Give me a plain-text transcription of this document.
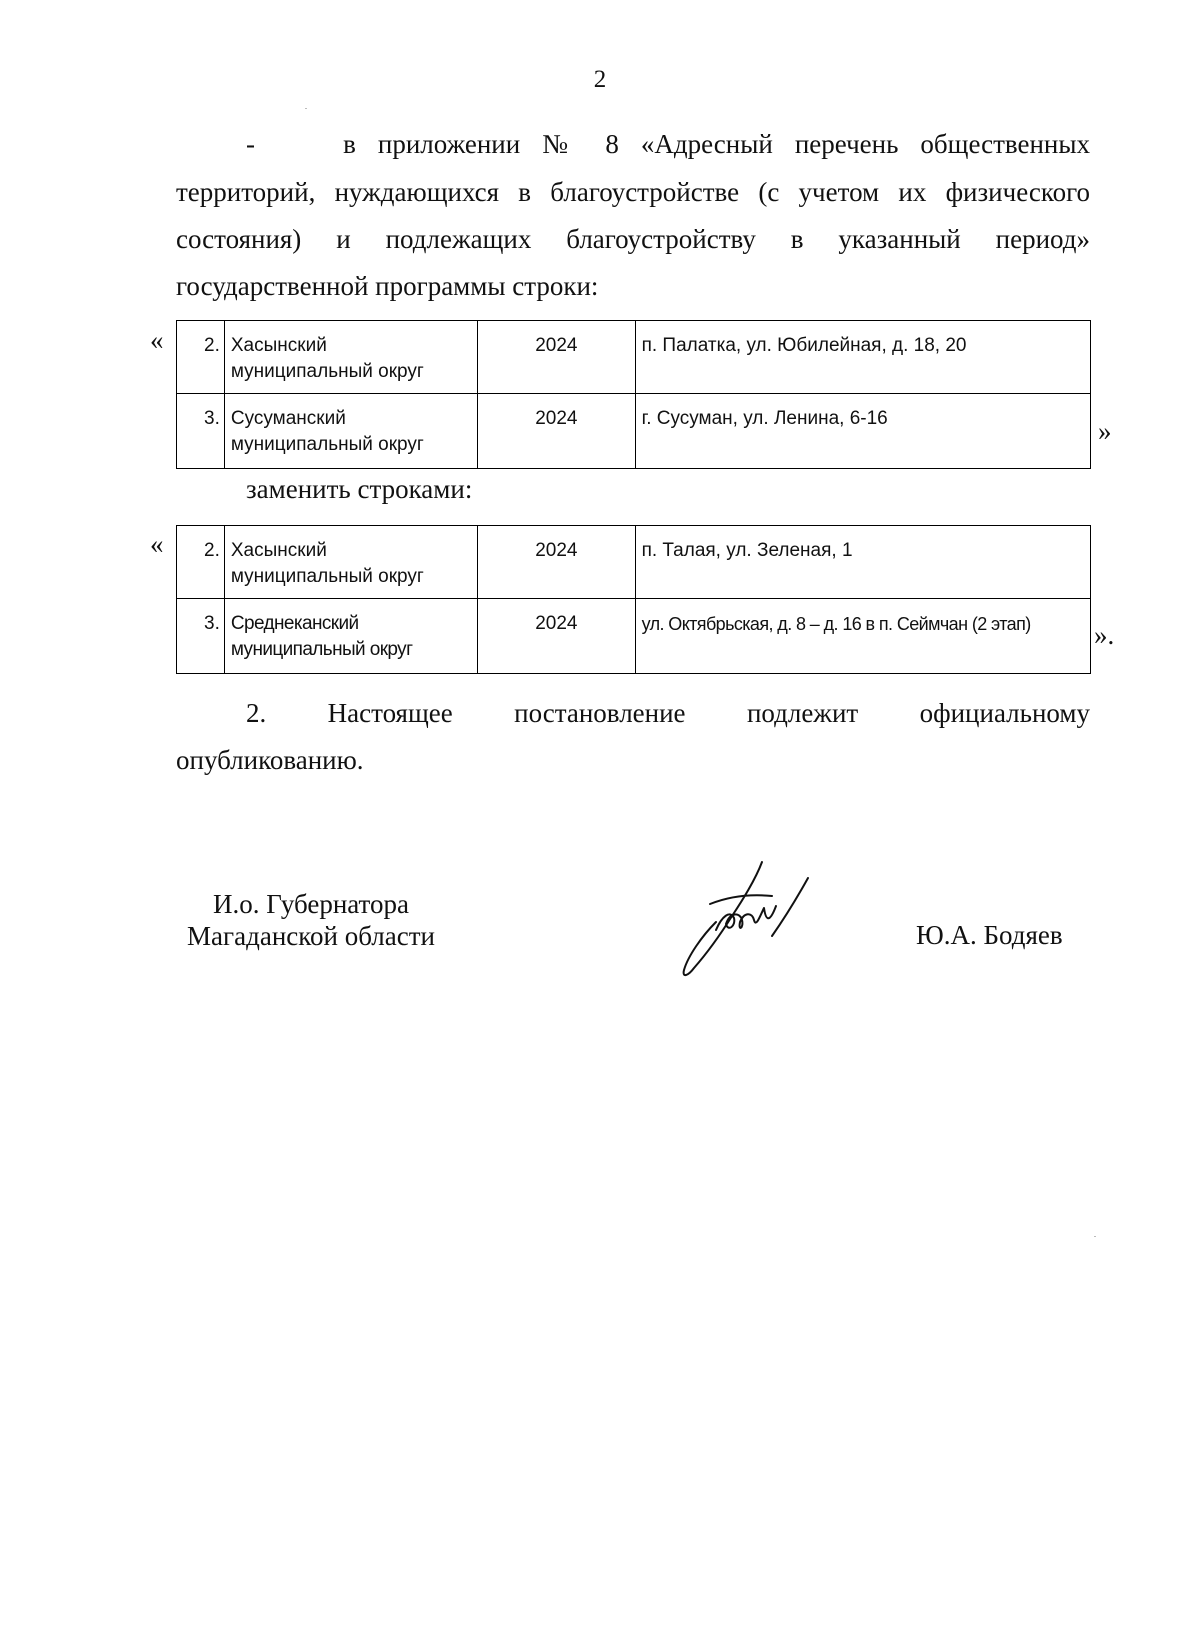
2
-	в приложении № 8 «Адресный перечень общественных территорий, нуждающихся в благоустройстве (с учетом их физического состояния) и подлежащих благоустройству в указанный период»
государственной программы строки:
« 2.	Хасынский
муниципальный округ	2024	п. Палатка, ул. Юбилейная, д. 18, 20
3.	Сусуманский
муниципальный округ	2024	г. Сусуман, ул. Ленина, 6-16	»
заменить строками:
« 2.	Хасынский
муниципальный округ	2024	п. Талая, ул. Зеленая, 1
3.	Среднеканский
муниципальный округ	2024	ул. Октябрьская, д. 8 – д. 16 в п. Сеймчан (2 этап) ».
2. Настоящее постановление подлежит официальному
опубликованию.
И.о. Губернатора
Магаданской области	Ю.А. Бодяев
